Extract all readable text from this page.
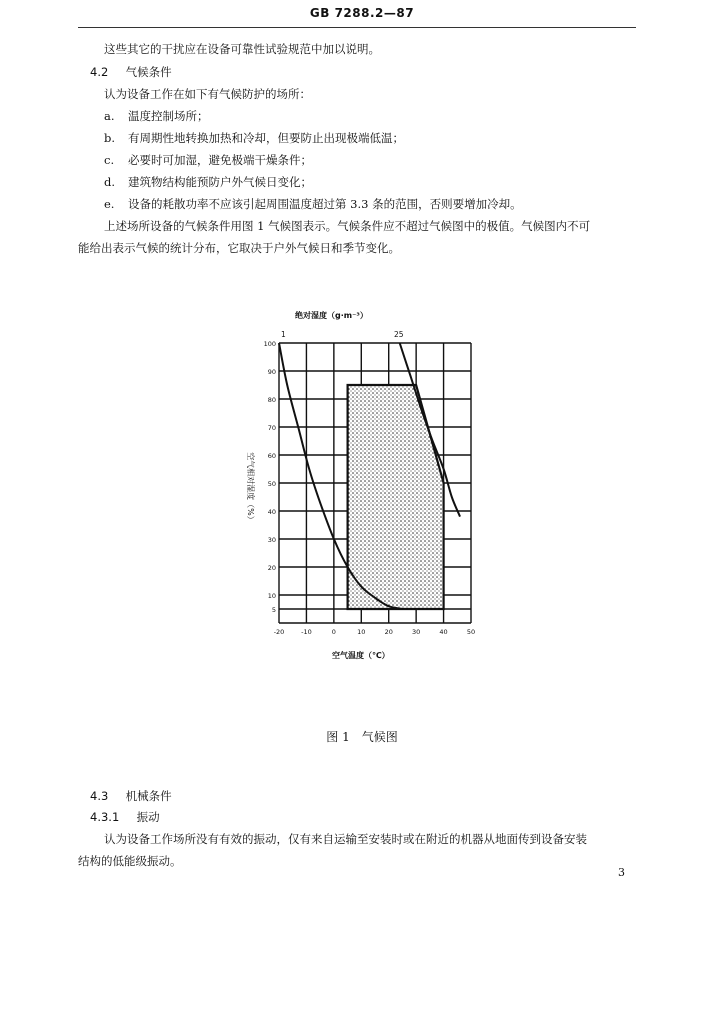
GB 7288.2—87
这些其它的干扰应在设备可靠性试验规范中加以说明。
4.2 气候条件
认为设备工作在如下有气候防护的场所：
a. 温度控制场所；
b. 有周期性地转换加热和冷却，但要防止出现极端低温；
c. 必要时可加湿，避免极端干燥条件；
d. 建筑物结构能预防户外气候日变化；
e. 设备的耗散功率不应该引起周围温度超过第 3.3 条的范围，否则要增加冷却。
上述场所设备的气候条件用图 1 气候图表示。气候条件应不超过气候图中的极值。气候图内不可
能给出表示气候的统计分布，它取决于户外气候日和季节变化。
100
90
80
70
60
50
40
30
20
10
5
-20	-10	0	10	20	30	40	50
绝对湿度（g·m⁻³）
1	25
空气相对湿度（%）
空气温度（℃）
图 1　气候图
4.3 机械条件
4.3.1 振动
认为设备工作场所没有有效的振动，仅有来自运输至安装时或在附近的机器从地面传到设备安装
结构的低能级振动。
3
